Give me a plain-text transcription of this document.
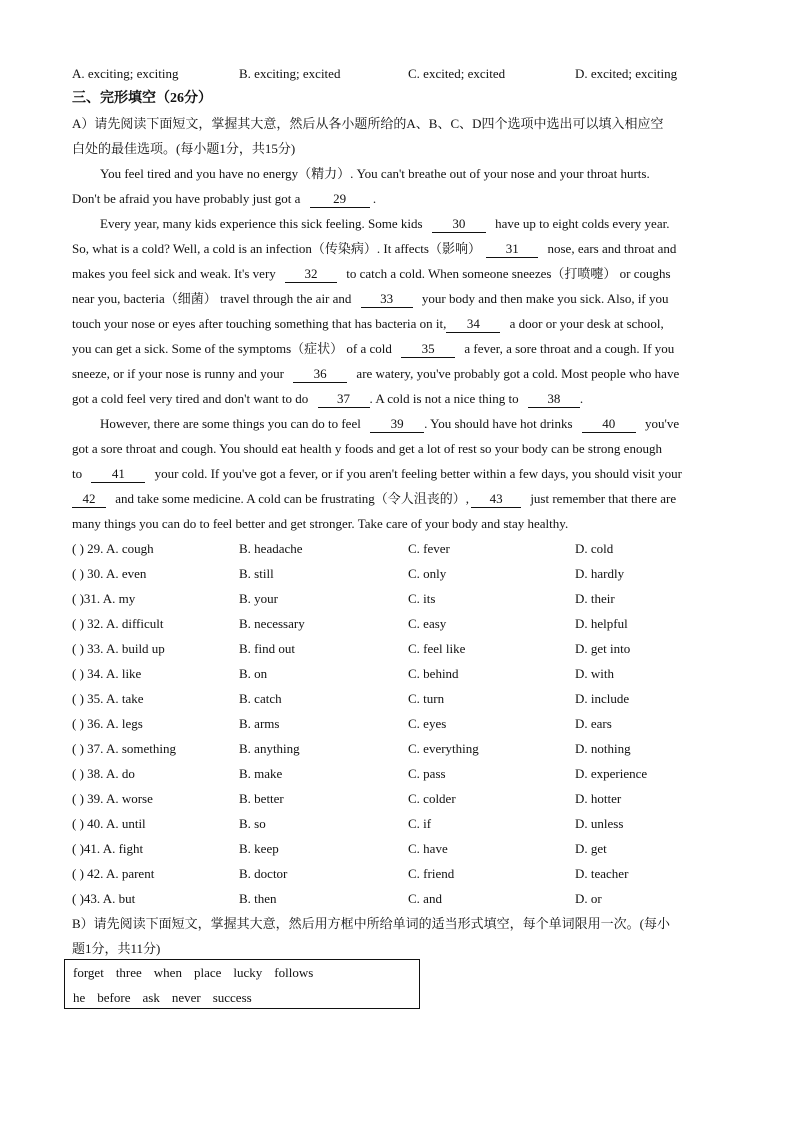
A. exciting; exciting	B. exciting; excited	C. excited; excited	D. excited; exciting
三、完形填空（26分）
A）请先阅读下面短文，掌握其大意，然后从各小题所给的A、B、C、D四个选项中选出可以填入相应空
白处的最佳选项。(每小题1分，共15分)
You feel tired and you have no energy（精力）. You can't breathe out of your nose and your throat hurts.
Don't be afraid you have probably just got a	29 .
Every year, many kids experience this sick feeling. Some kids 30 have up to eight colds every year.
So, what is a cold? Well, a cold is an infection（传染病）. It affects（影响） 31 nose, ears and throat and
makes you feel sick and weak. It's very 32 to catch a cold. When someone sneezes（打喷嚏） or coughs
near you, bacteria（细菌） travel through the air and 33 your body and then make you sick. Also, if you
touch your nose or eyes after touching something that has bacteria on it, 34 a door or your desk at school,
you can get a sick. Some of the symptoms（症状） of a cold 35 a fever, a sore throat and a cough. If you
sneeze, or if your nose is runny and your 36 are watery, you've probably got a cold. Most people who have
got a cold feel very tired and don't want to do 37 . A cold is not a nice thing to 38 .
However, there are some things you can do to feel 39 . You should have hot drinks 40 you've
got a sore throat and cough. You should eat health y foods and get a lot of rest so your body can be strong enough
to 41 your cold. If you've got a fever, or if you aren't feeling better within a few days, you should visit your
42 and take some medicine. A cold can be frustrating（令人沮丧的）, 43 just remember that there are
many things you can do to feel better and get stronger. Take care of your body and stay healthy.
( ) 29. A. cough	B. headache	C. fever	D. cold
( ) 30. A. even	B. still	C. only	D. hardly
( )31. A. my	B. your	C. its	D. their
( ) 32. A. difficult	B. necessary	C. easy	D. helpful
( ) 33. A. build up	B. find out	C. feel like	D. get into
( ) 34. A. like	B. on	C. behind	D. with
( ) 35. A. take	B. catch	C. turn	D. include
( ) 36. A. legs	B. arms	C. eyes	D. ears
( ) 37. A. something	B. anything	C. everything	D. nothing
( ) 38. A. do	B. make	C. pass	D. experience
( ) 39. A. worse	B. better	C. colder	D. hotter
( ) 40. A. until	B. so	C. if	D. unless
( )41. A. fight	B. keep	C. have	D. get
( ) 42. A. parent	B. doctor	C. friend	D. teacher
( )43. A. but	B. then	C. and	D. or
B）请先阅读下面短文，掌握其大意，然后用方框中所给单词的适当形式填空，每个单词限用一次。(每小
题1分，共11分)
forget three when place lucky follows
he before ask never success
